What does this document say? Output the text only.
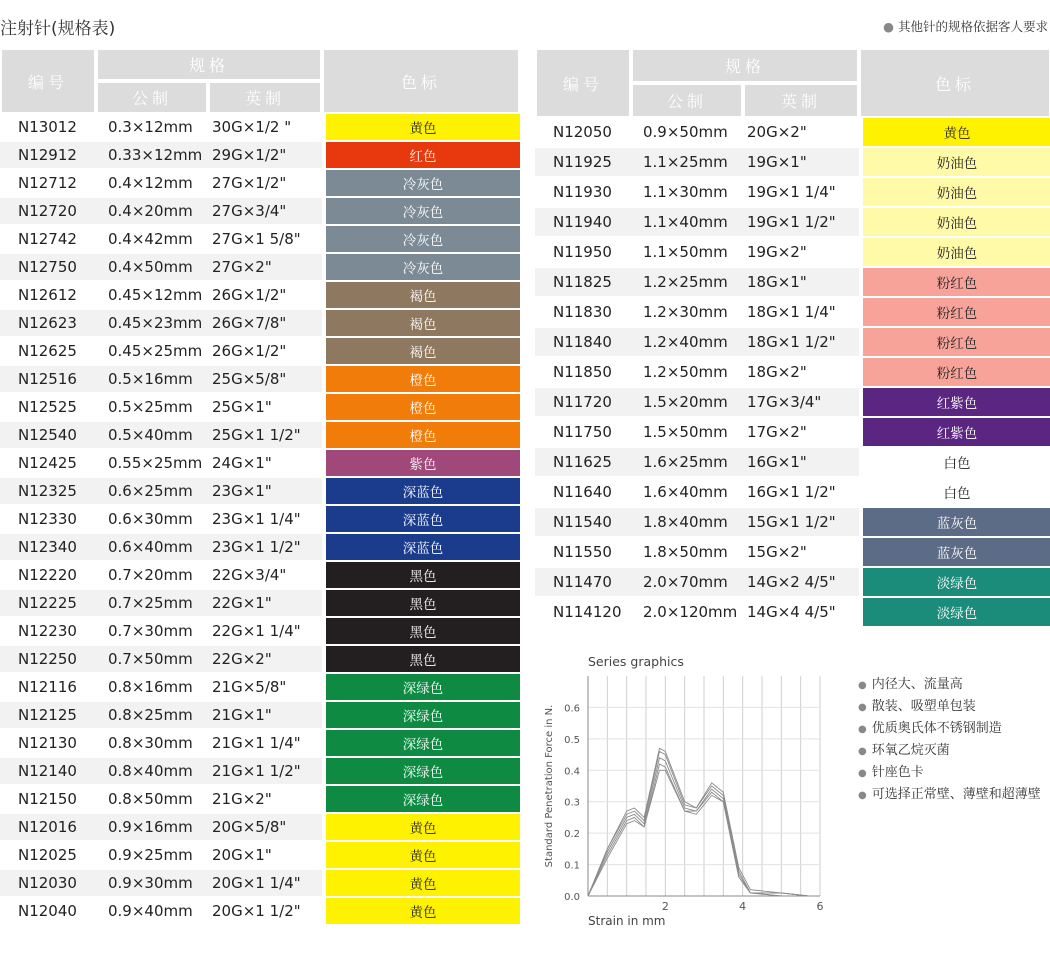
注射针(规格表)	● 其他针的规格依据客人要求
编号	规格		色标
	公制	英制	
N13012	0.3×12mm	30G×1/2 "	黄色
N12912	0.33×12mm	29G×1/2"	红色
N12712	0.4×12mm	27G×1/2"	冷灰色
N12720	0.4×20mm	27G×3/4"	冷灰色
N12742	0.4×42mm	27G×1 5/8"	冷灰色
N12750	0.4×50mm	27G×2"	冷灰色
N12612	0.45×12mm	26G×1/2"	褐色
N12623	0.45×23mm	26G×7/8"	褐色
N12625	0.45×25mm	26G×1/2"	褐色
N12516	0.5×16mm	25G×5/8"	橙色
N12525	0.5×25mm	25G×1"	橙色
N12540	0.5×40mm	25G×1 1/2"	橙色
N12425	0.55×25mm	24G×1"	紫色
N12325	0.6×25mm	23G×1"	深蓝色
N12330	0.6×30mm	23G×1 1/4"	深蓝色
N12340	0.6×40mm	23G×1 1/2"	深蓝色
N12220	0.7×20mm	22G×3/4"	黑色
N12225	0.7×25mm	22G×1"	黑色
N12230	0.7×30mm	22G×1 1/4"	黑色
N12250	0.7×50mm	22G×2"	黑色
N12116	0.8×16mm	21G×5/8"	深绿色
N12125	0.8×25mm	21G×1"	深绿色
N12130	0.8×30mm	21G×1 1/4"	深绿色
N12140	0.8×40mm	21G×1 1/2"	深绿色
N12150	0.8×50mm	21G×2"	深绿色
N12016	0.9×16mm	20G×5/8"	黄色
N12025	0.9×25mm	20G×1"	黄色
N12030	0.9×30mm	20G×1 1/4"	黄色
N12040	0.9×40mm	20G×1 1/2"	黄色
编号	规格		色标
	公制	英制	
N12050	0.9×50mm	20G×2"	黄色
N11925	1.1×25mm	19G×1"	奶油色
N11930	1.1×30mm	19G×1 1/4"	奶油色
N11940	1.1×40mm	19G×1 1/2"	奶油色
N11950	1.1×50mm	19G×2"	奶油色
N11825	1.2×25mm	18G×1"	粉红色
N11830	1.2×30mm	18G×1 1/4"	粉红色
N11840	1.2×40mm	18G×1 1/2"	粉红色
N11850	1.2×50mm	18G×2"	粉红色
N11720	1.5×20mm	17G×3/4"	红紫色
N11750	1.5×50mm	17G×2"	红紫色
N11625	1.6×25mm	16G×1"	白色
N11640	1.6×40mm	16G×1 1/2"	白色
N11540	1.8×40mm	15G×1 1/2"	蓝灰色
N11550	1.8×50mm	15G×2"	蓝灰色
N11470	2.0×70mm	14G×2 4/5"	淡绿色
N114120	2.0×120mm	14G×4 4/5"	淡绿色
Series graphics
0.0
0.1
0.2
0.3
0.4
0.5
0.6
2	4	6
Strain in mm
Standard Penetration Force in N.
● 内径大、流量高
● 散装、吸塑单包装
● 优质奥氏体不锈钢制造
● 环氧乙烷灭菌
● 针座色卡
● 可选择正常壁、薄壁和超薄壁
